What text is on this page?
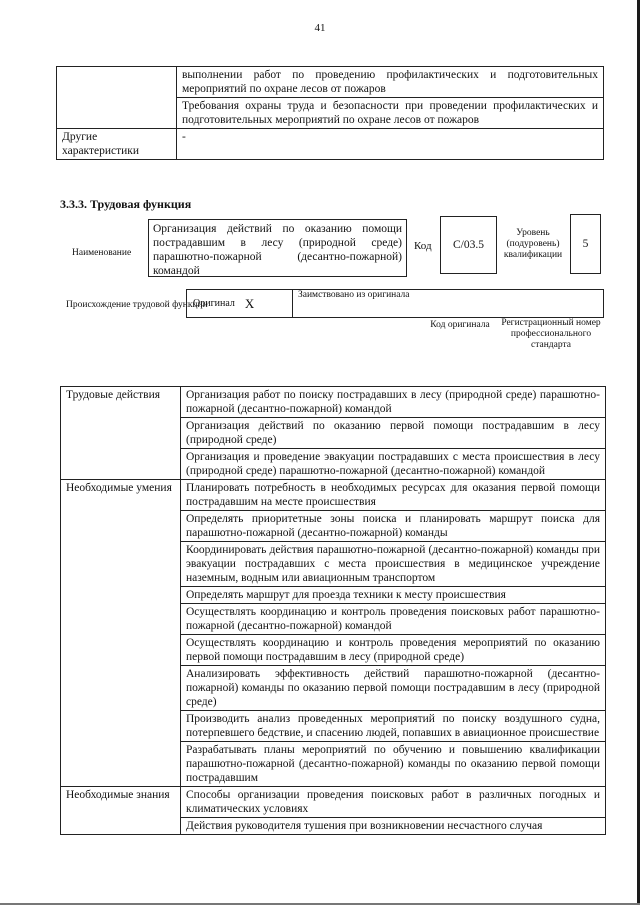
41
	выполнении работ по проведению профилактических и подготовительных мероприятий по охране лесов от пожаров
	Требования охраны труда и безопасности при проведении профилактических и подготовительных мероприятий по охране лесов от пожаров
Другие характеристики	-
3.3.3. Трудовая функция
Наименование
Организация действий по оказанию помощи пострадавшим в лесу (природной среде) парашютно-пожарной (десантно-пожарной) командой
Код	C/03.5
Уровень (подуровень) квалификации
5
Происхождение трудовой функции
Оригинал X
Заимствовано из оригинала
Код оригинала	Регистрационный номер профессионального стандарта
Трудовые действия	Организация работ по поиску пострадавших в лесу (природной среде) парашютно-пожарной (десантно-пожарной) командой
	Организация действий по оказанию первой помощи пострадавшим в лесу (природной среде)
	Организация и проведение эвакуации пострадавших с места происшествия в лесу (природной среде) парашютно-пожарной (десантно-пожарной) командой
Необходимые умения	Планировать потребность в необходимых ресурсах для оказания первой помощи пострадавшим на месте происшествия
	Определять приоритетные зоны поиска и планировать маршрут поиска для парашютно-пожарной (десантно-пожарной) команды
	Координировать действия парашютно-пожарной (десантно-пожарной) команды при эвакуации пострадавших с места происшествия в медицинское учреждение наземным, водным или авиационным транспортом
	Определять маршрут для проезда техники к месту происшествия
	Осуществлять координацию и контроль проведения поисковых работ парашютно-пожарной (десантно-пожарной) командой
	Осуществлять координацию и контроль проведения мероприятий по оказанию первой помощи пострадавшим в лесу (природной среде)
	Анализировать эффективность действий парашютно-пожарной (десантно-пожарной) команды по оказанию первой помощи пострадавшим в лесу (природной среде)
	Производить анализ проведенных мероприятий по поиску воздушного судна, потерпевшего бедствие, и спасению людей, попавших в авиационное происшествие
	Разрабатывать планы мероприятий по обучению и повышению квалификации парашютно-пожарной (десантно-пожарной) команды по оказанию первой помощи пострадавшим
Необходимые знания	Способы организации проведения поисковых работ в различных погодных и климатических условиях
	Действия руководителя тушения при возникновении несчастного случая
